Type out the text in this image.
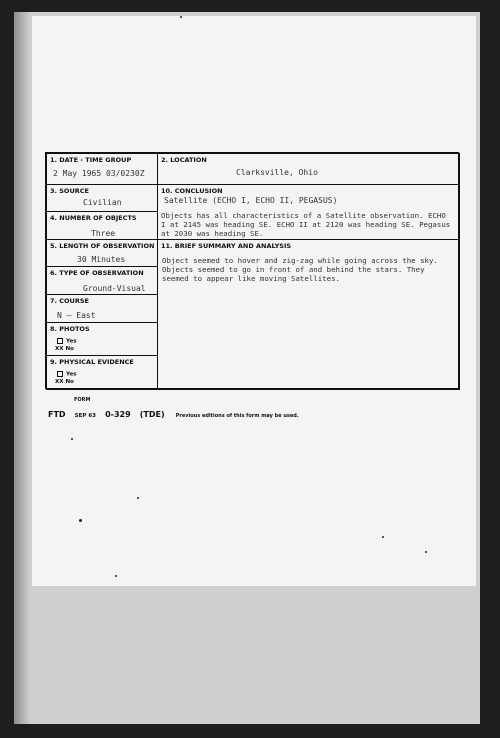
1. DATE - TIME GROUP
2 May 1965 03/0230Z
2. LOCATION
Clarksville, Ohio
3. SOURCE
Civilian
10. CONCLUSION
Satellite (ECHO I, ECHO II, PEGASUS)
Objects has all characteristics of a Satellite observation. ECHO
I at 2145 was heading SE. ECHO II at 2120 was heading SE. Pegasus
at 2030 was heading SE.
4. NUMBER OF OBJECTS
Three
5. LENGTH OF OBSERVATION
30 Minutes
11. BRIEF SUMMARY AND ANALYSIS
Object seemed to hover and zig-zag while going across the sky.
Objects seemed to go in front of and behind the stars. They
seemed to appear like moving Satellites.
6. TYPE OF OBSERVATION
Ground-Visual
7. COURSE
N — East
8. PHOTOS
Yes
XX No
9. PHYSICAL EVIDENCE
Yes
XX No
FORM
FTD SEP 63 0-329 (TDE) Previous editions of this form may be used.
